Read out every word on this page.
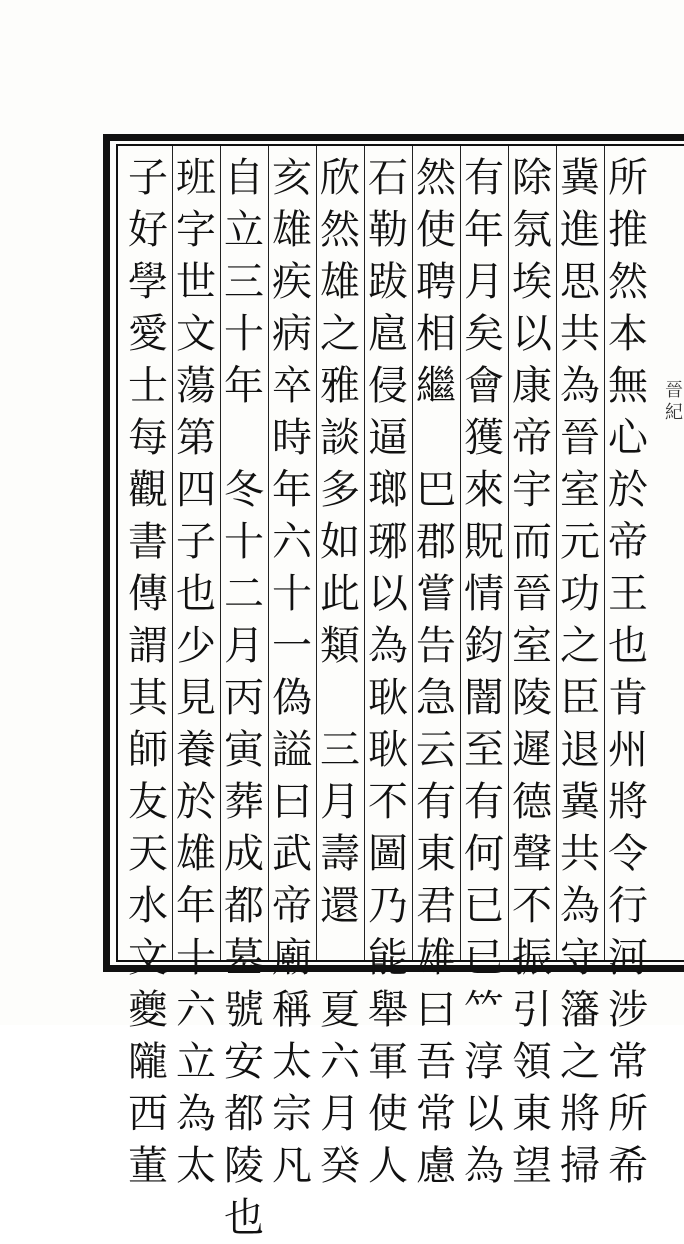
所
推
然
本
無
心
於
帝
王
也
肯
州
將
令
行
河
涉
常
所
希
冀
進
思
共
為
晉
室
元
功
之
臣
退
冀
共
為
守
籓
之
將
掃
除
氛
埃
以
康
帝
宇
而
晉
室
陵
遲
德
聲
不
振
引
領
東
望
有
年
月
矣
會
獲
來
貺
情
鈞
闇
至
有
何
已
已
𥫗
淳
以
為
然
使
聘
相
繼

巴
郡
嘗
告
急
云
有
東
君
雄
曰
吾
常
慮
石
勒
跋
扈
侵
逼
瑯
琊
以
為
耿
耿
不
圖
乃
能
舉
軍
使
人
欣
然
雄
之
雅
談
多
如
此
類

三
月
壽
還

夏
六
月
癸
亥
雄
疾
病
卒
時
年
六
十
一
偽
謚
曰
武
帝
廟
稱
太
宗
凡
自
立
三
十
年

冬
十
二
月
丙
寅
葬
成
都
墓
號
安
都
陵
也
班
字
世
文
蕩
第
四
子
也
少
見
養
於
雄
年
十
六
立
為
太
子
好
學
愛
士
每
觀
書
傳
謂
其
師
友
天
水
文
夔
隴
西
董
晉
紀
